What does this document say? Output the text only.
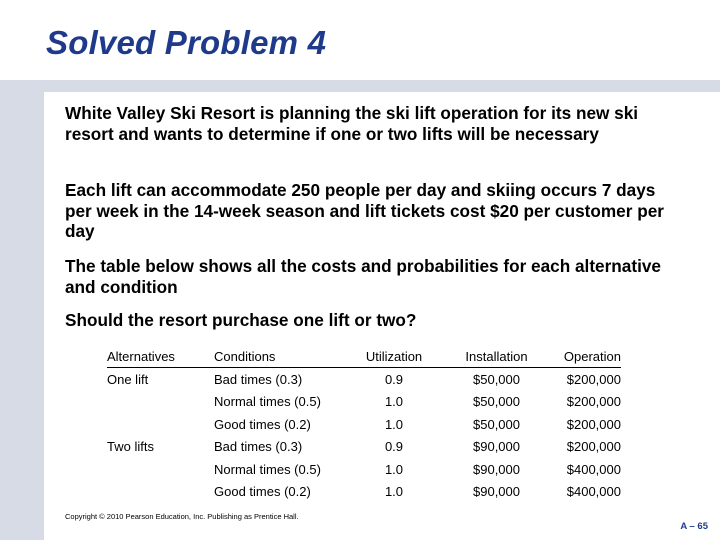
Solved Problem 4
White Valley Ski Resort is planning the ski lift operation for its new ski resort and wants to determine if one or two lifts will be necessary
Each lift can accommodate 250 people per day and skiing occurs 7 days per week in the 14-week season and lift tickets cost $20 per customer per day
The table below shows all the costs and probabilities for each alternative and condition
Should the resort purchase one lift or two?
Alternatives	Conditions	Utilization	Installation	Operation
One lift	Bad times (0.3)	0.9	$50,000	$200,000
	Normal times (0.5)	1.0	$50,000	$200,000
	Good times (0.2)	1.0	$50,000	$200,000
Two lifts	Bad times (0.3)	0.9	$90,000	$200,000
	Normal times (0.5)	1.0	$90,000	$400,000
	Good times (0.2)	1.0	$90,000	$400,000
Copyright © 2010 Pearson Education, Inc. Publishing as Prentice Hall.
A – 65
